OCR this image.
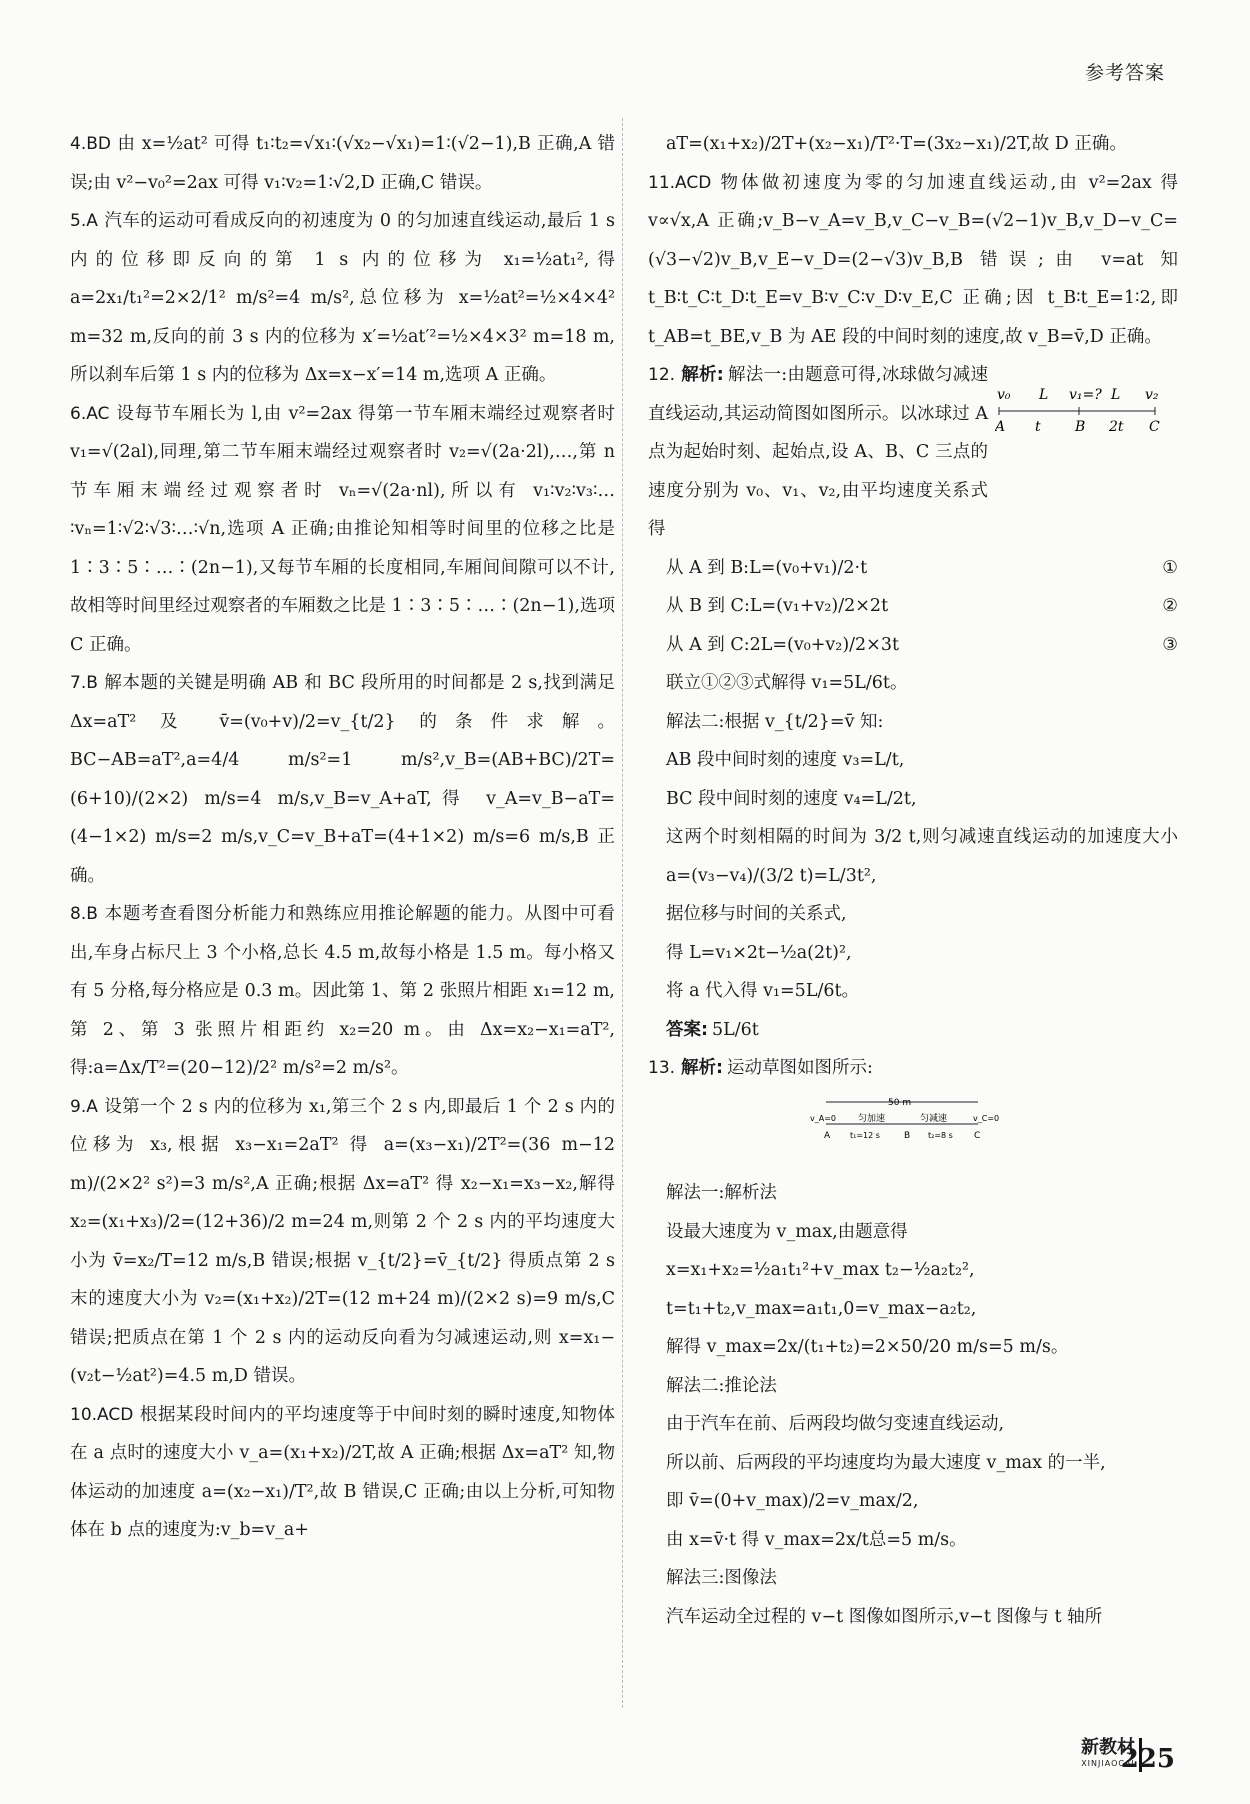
参考答案

4.BD 由 x=½at² 可得 t₁∶t₂=√x₁∶(√x₂−√x₁)=1∶(√2−1),B 正确,A 错误;由 v²−v₀²=2ax 可得 v₁∶v₂=1∶√2,D 正确,C 错误。

5.A 汽车的运动可看成反向的初速度为 0 的匀加速直线运动,最后 1 s 内的位移即反向的第 1 s 内的位移为 x₁=½at₁²,得 a=2x₁/t₁²=2×2/1² m/s²=4 m/s²,总位移为 x=½at²=½×4×4² m=32 m,反向的前 3 s 内的位移为 x′=½at′²=½×4×3² m=18 m,所以刹车后第 1 s 内的位移为 Δx=x−x′=14 m,选项 A 正确。

6.AC 设每节车厢长为 l,由 v²=2ax 得第一节车厢末端经过观察者时 v₁=√(2al),同理,第二节车厢末端经过观察者时 v₂=√(2a·2l),…,第 n 节车厢末端经过观察者时 vₙ=√(2a·nl),所以有 v₁∶v₂∶v₃∶…∶vₙ=1∶√2∶√3∶…∶√n,选项 A 正确;由推论知相等时间里的位移之比是 1∶3∶5∶…∶(2n−1),又每节车厢的长度相同,车厢间间隙可以不计,故相等时间里经过观察者的车厢数之比是 1∶3∶5∶…∶(2n−1),选项 C 正确。

7.B 解本题的关键是明确 AB 和 BC 段所用的时间都是 2 s,找到满足 Δx=aT² 及 v̄=(v₀+v)/2=v_{t/2} 的条件求解。BC−AB=aT²,a=4/4 m/s²=1 m/s²,v_B=(AB+BC)/2T=(6+10)/(2×2) m/s=4 m/s,v_B=v_A+aT,得 v_A=v_B−aT=(4−1×2) m/s=2 m/s,v_C=v_B+aT=(4+1×2) m/s=6 m/s,B 正确。

8.B 本题考查看图分析能力和熟练应用推论解题的能力。从图中可看出,车身占标尺上 3 个小格,总长 4.5 m,故每小格是 1.5 m。每小格又有 5 分格,每分格应是 0.3 m。因此第 1、第 2 张照片相距 x₁=12 m,第 2、第 3 张照片相距约 x₂=20 m。由 Δx=x₂−x₁=aT²,得:a=Δx/T²=(20−12)/2² m/s²=2 m/s²。

9.A 设第一个 2 s 内的位移为 x₁,第三个 2 s 内,即最后 1 个 2 s 内的位移为 x₃,根据 x₃−x₁=2aT² 得 a=(x₃−x₁)/2T²=(36 m−12 m)/(2×2² s²)=3 m/s²,A 正确;根据 Δx=aT² 得 x₂−x₁=x₃−x₂,解得 x₂=(x₁+x₃)/2=(12+36)/2 m=24 m,则第 2 个 2 s 内的平均速度大小为 v̄=x₂/T=12 m/s,B 错误;根据 v_{t/2}=v̄_{t/2} 得质点第 2 s 末的速度大小为 v₂=(x₁+x₂)/2T=(12 m+24 m)/(2×2 s)=9 m/s,C 错误;把质点在第 1 个 2 s 内的运动反向看为匀减速运动,则 x=x₁−(v₂t−½at²)=4.5 m,D 错误。

10.ACD 根据某段时间内的平均速度等于中间时刻的瞬时速度,知物体在 a 点时的速度大小 v_a=(x₁+x₂)/2T,故 A 正确;根据 Δx=aT² 知,物体运动的加速度 a=(x₂−x₁)/T²,故 B 错误,C 正确;由以上分析,可知物体在 b 点的速度为:v_b=v_a+

aT=(x₁+x₂)/2T+(x₂−x₁)/T²·T=(3x₂−x₁)/2T,故 D 正确。

11.ACD 物体做初速度为零的匀加速直线运动,由 v²=2ax 得 v∝√x,A 正确;v_B−v_A=v_B,v_C−v_B=(√2−1)v_B,v_D−v_C=(√3−√2)v_B,v_E−v_D=(2−√3)v_B,B 错误;由 v=at 知 t_B∶t_C∶t_D∶t_E=v_B∶v_C∶v_D∶v_E,C 正确;因 t_B∶t_E=1∶2,即 t_AB=t_BE,v_B 为 AE 段的中间时刻的速度,故 v_B=v̄,D 正确。

12. 解析: 解法一:由题意可得,冰球做匀减速直线运动,其运动简图如图所示。以冰球过 A 点为起始时刻、起始点,设 A、B、C 三点的速度分别为 v₀、v₁、v₂,由平均速度关系式得

从 A 到 B:L=(v₀+v₁)/2·t	①
从 B 到 C:L=(v₁+v₂)/2×2t	②
从 A 到 C:2L=(v₀+v₂)/2×3t	③

联立①②③式解得 v₁=5L/6t。

解法二:根据 v_{t/2}=v̄ 知:

AB 段中间时刻的速度 v₃=L/t,

BC 段中间时刻的速度 v₄=L/2t,

这两个时刻相隔的时间为 3/2 t,则匀减速直线运动的加速度大小 a=(v₃−v₄)/(3/2 t)=L/3t²,

据位移与时间的关系式,

得 L=v₁×2t−½a(2t)²,

将 a 代入得 v₁=5L/6t。

答案: 5L/6t

13. 解析: 运动草图如图所示:

50 m
v_A=0 匀加速	匀减速	v_C=0
A t₁=12 s	B t₂=8 s C

解法一:解析法

设最大速度为 v_max,由题意得

x=x₁+x₂=½a₁t₁²+v_max t₂−½a₂t₂²,

t=t₁+t₂,v_max=a₁t₁,0=v_max−a₂t₂,

解得 v_max=2x/(t₁+t₂)=2×50/20 m/s=5 m/s。

解法二:推论法

由于汽车在前、后两段均做匀变速直线运动,

所以前、后两段的平均速度均为最大速度 v_max 的一半,

即 v̄=(0+v_max)/2=v_max/2,

由 x=v̄·t 得 v_max=2x/t总=5 m/s。

解法三:图像法

汽车运动全过程的 v−t 图像如图所示,v−t 图像与 t 轴所

v₀ L v₁=? L v₂
A t B 2t C
新教材
XINJIAOCAI
225
